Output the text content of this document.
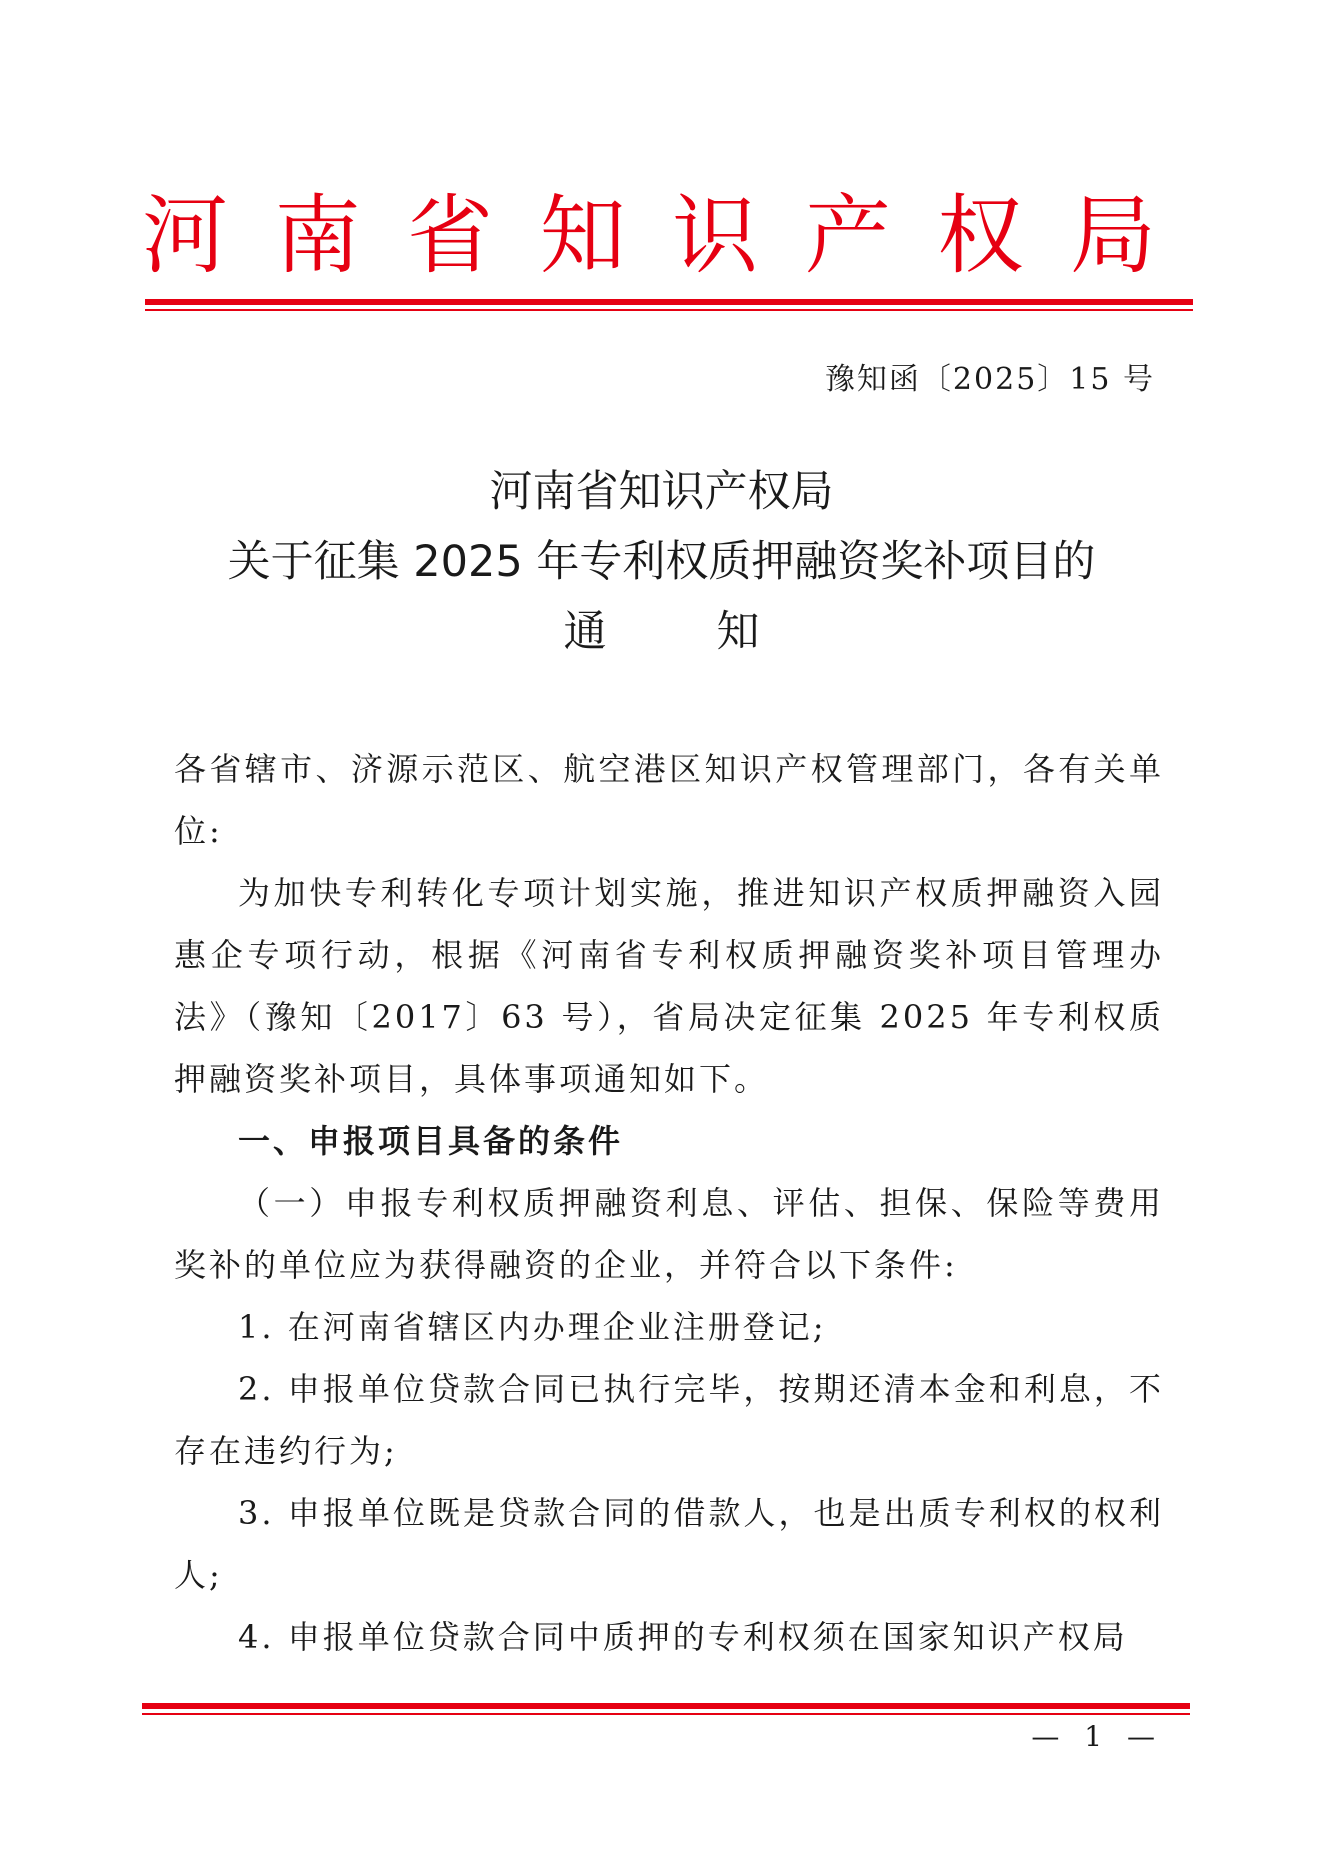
河 南 省 知 识 产 权 局
豫知函〔2025〕15 号
河南省知识产权局
关于征集 2025 年专利权质押融资奖补项目的
通知

各省辖市、济源示范区、航空港区知识产权管理部门，各有关单位:

为加快专利转化专项计划实施，推进知识产权质押融资入园惠企专项行动，根据《河南省专利权质押融资奖补项目管理办法》（豫知〔2017〕63 号），省局决定征集 2025 年专利权质押融资奖补项目，具体事项通知如下。

一、申报项目具备的条件

（一）申报专利权质押融资利息、评估、担保、保险等费用奖补的单位应为获得融资的企业，并符合以下条件:

1. 在河南省辖区内办理企业注册登记;

2. 申报单位贷款合同已执行完毕，按期还清本金和利息，不存在违约行为;

3. 申报单位既是贷款合同的借款人，也是出质专利权的权利人;

4. 申报单位贷款合同中质押的专利权须在国家知识产权局

— 1 —
